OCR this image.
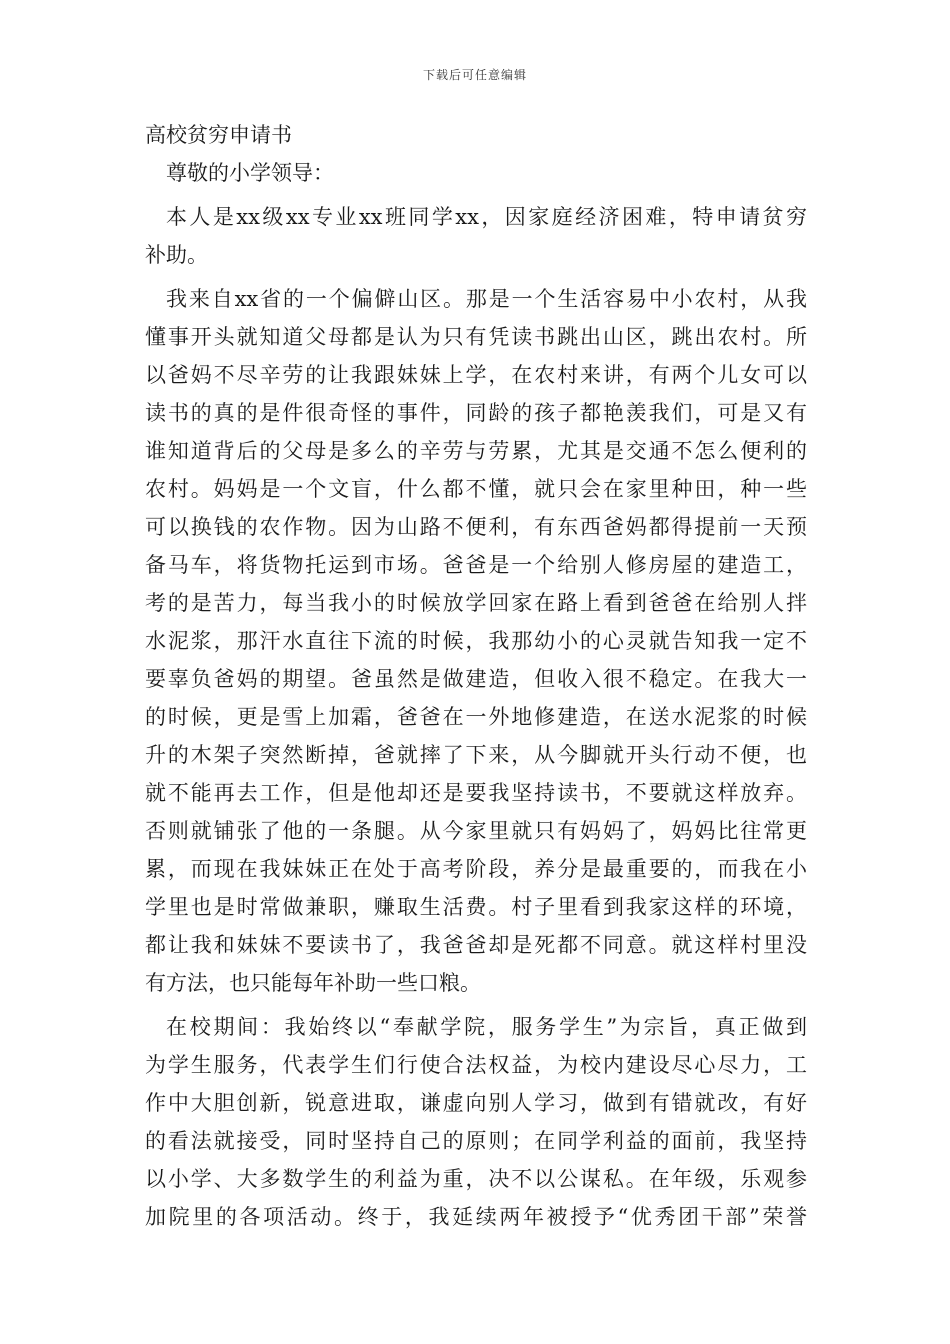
下载后可任意编辑
高校贫穷申请书
尊敬的小学领导：
本人是xx级xx专业xx班同学xx，因家庭经济困难，特申请贫穷
补助。
我来自xx省的一个偏僻山区。那是一个生活容易中小农村，从我
懂事开头就知道父母都是认为只有凭读书跳出山区，跳出农村。所
以爸妈不尽辛劳的让我跟妹妹上学，在农村来讲，有两个儿女可以
读书的真的是件很奇怪的事件，同龄的孩子都艳羡我们，可是又有
谁知道背后的父母是多么的辛劳与劳累，尤其是交通不怎么便利的
农村。妈妈是一个文盲，什么都不懂，就只会在家里种田，种一些
可以换钱的农作物。因为山路不便利，有东西爸妈都得提前一天预
备马车，将货物托运到市场。爸爸是一个给别人修房屋的建造工，
考的是苦力，每当我小的时候放学回家在路上看到爸爸在给别人拌
水泥浆，那汗水直往下流的时候，我那幼小的心灵就告知我一定不
要辜负爸妈的期望。爸虽然是做建造，但收入很不稳定。在我大一
的时候，更是雪上加霜，爸爸在一外地修建造，在送水泥浆的时候
升的木架子突然断掉，爸就摔了下来，从今脚就开头行动不便，也
就不能再去工作，但是他却还是要我坚持读书，不要就这样放弃。
否则就铺张了他的一条腿。从今家里就只有妈妈了，妈妈比往常更
累，而现在我妹妹正在处于高考阶段，养分是最重要的，而我在小
学里也是时常做兼职，赚取生活费。村子里看到我家这样的环境，
都让我和妹妹不要读书了，我爸爸却是死都不同意。就这样村里没
有方法，也只能每年补助一些口粮。
在校期间：我始终以“奉献学院，服务学生”为宗旨，真正做到
为学生服务，代表学生们行使合法权益，为校内建设尽心尽力，工
作中大胆创新，锐意进取，谦虚向别人学习，做到有错就改，有好
的看法就接受，同时坚持自己的原则；在同学利益的面前，我坚持
以小学、大多数学生的利益为重，决不以公谋私。在年级，乐观参
加院里的各项活动。终于，我延续两年被授予“优秀团干部”荣誉
